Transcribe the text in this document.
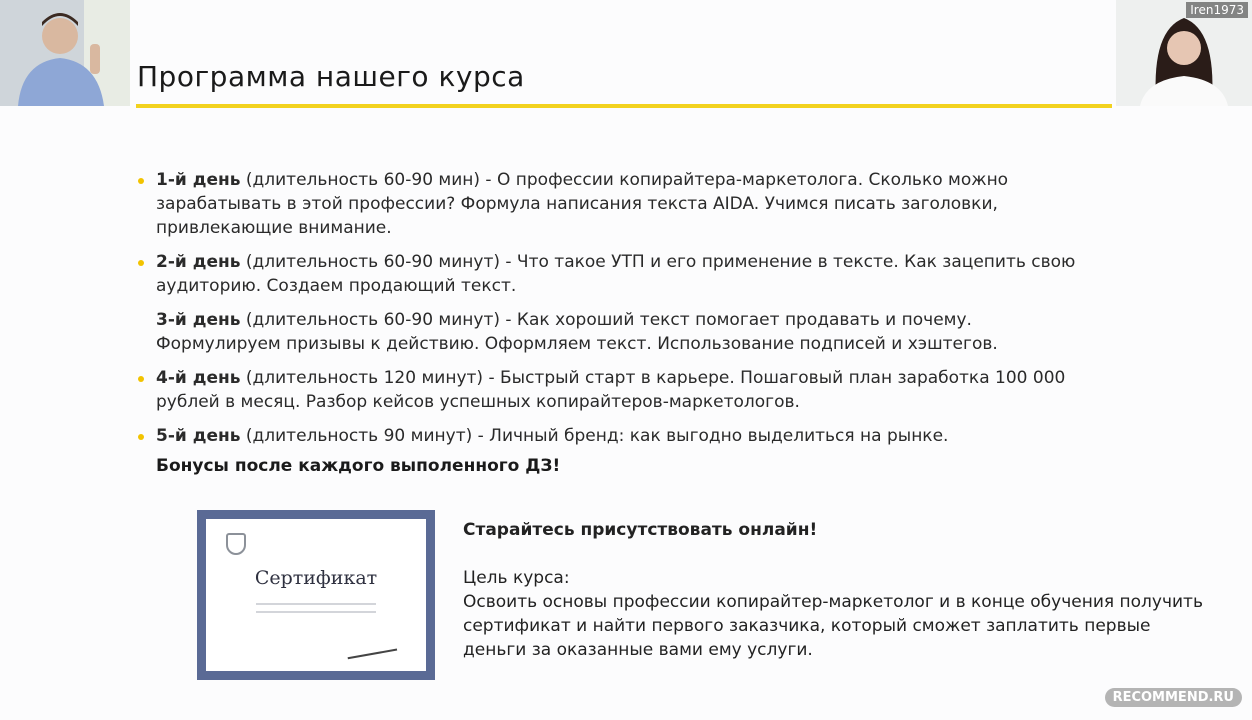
Программа нашего курса
Iren1973
1-й день (длительность 60-90 мин) - О профессии копирайтера-маркетолога. Сколько можно зарабатывать в этой профессии? Формула написания текста AIDA. Учимся писать заголовки, привлекающие внимание.
2-й день (длительность 60-90 минут) - Что такое УТП и его применение в тексте. Как зацепить свою аудиторию. Создаем продающий текст.
3-й день (длительность 60-90 минут) - Как хороший текст помогает продавать и почему. Формулируем призывы к действию. Оформляем текст. Использование подписей и хэштегов.
4-й день (длительность 120 минут) - Быстрый старт в карьере. Пошаговый план заработка 100 000 рублей в месяц. Разбор кейсов успешных копирайтеров-маркетологов.
5-й день (длительность 90 минут) - Личный бренд: как выгодно выделиться на рынке.
Бонусы после каждого выполенного ДЗ!
Сертификат
Старайтесь присутствовать онлайн!
Цель курса:
Освоить основы профессии копирайтер-маркетолог и в конце обучения получить сертификат и найти первого заказчика, который сможет заплатить первые деньги за оказанные вами ему услуги.
RECOMMEND.RU
